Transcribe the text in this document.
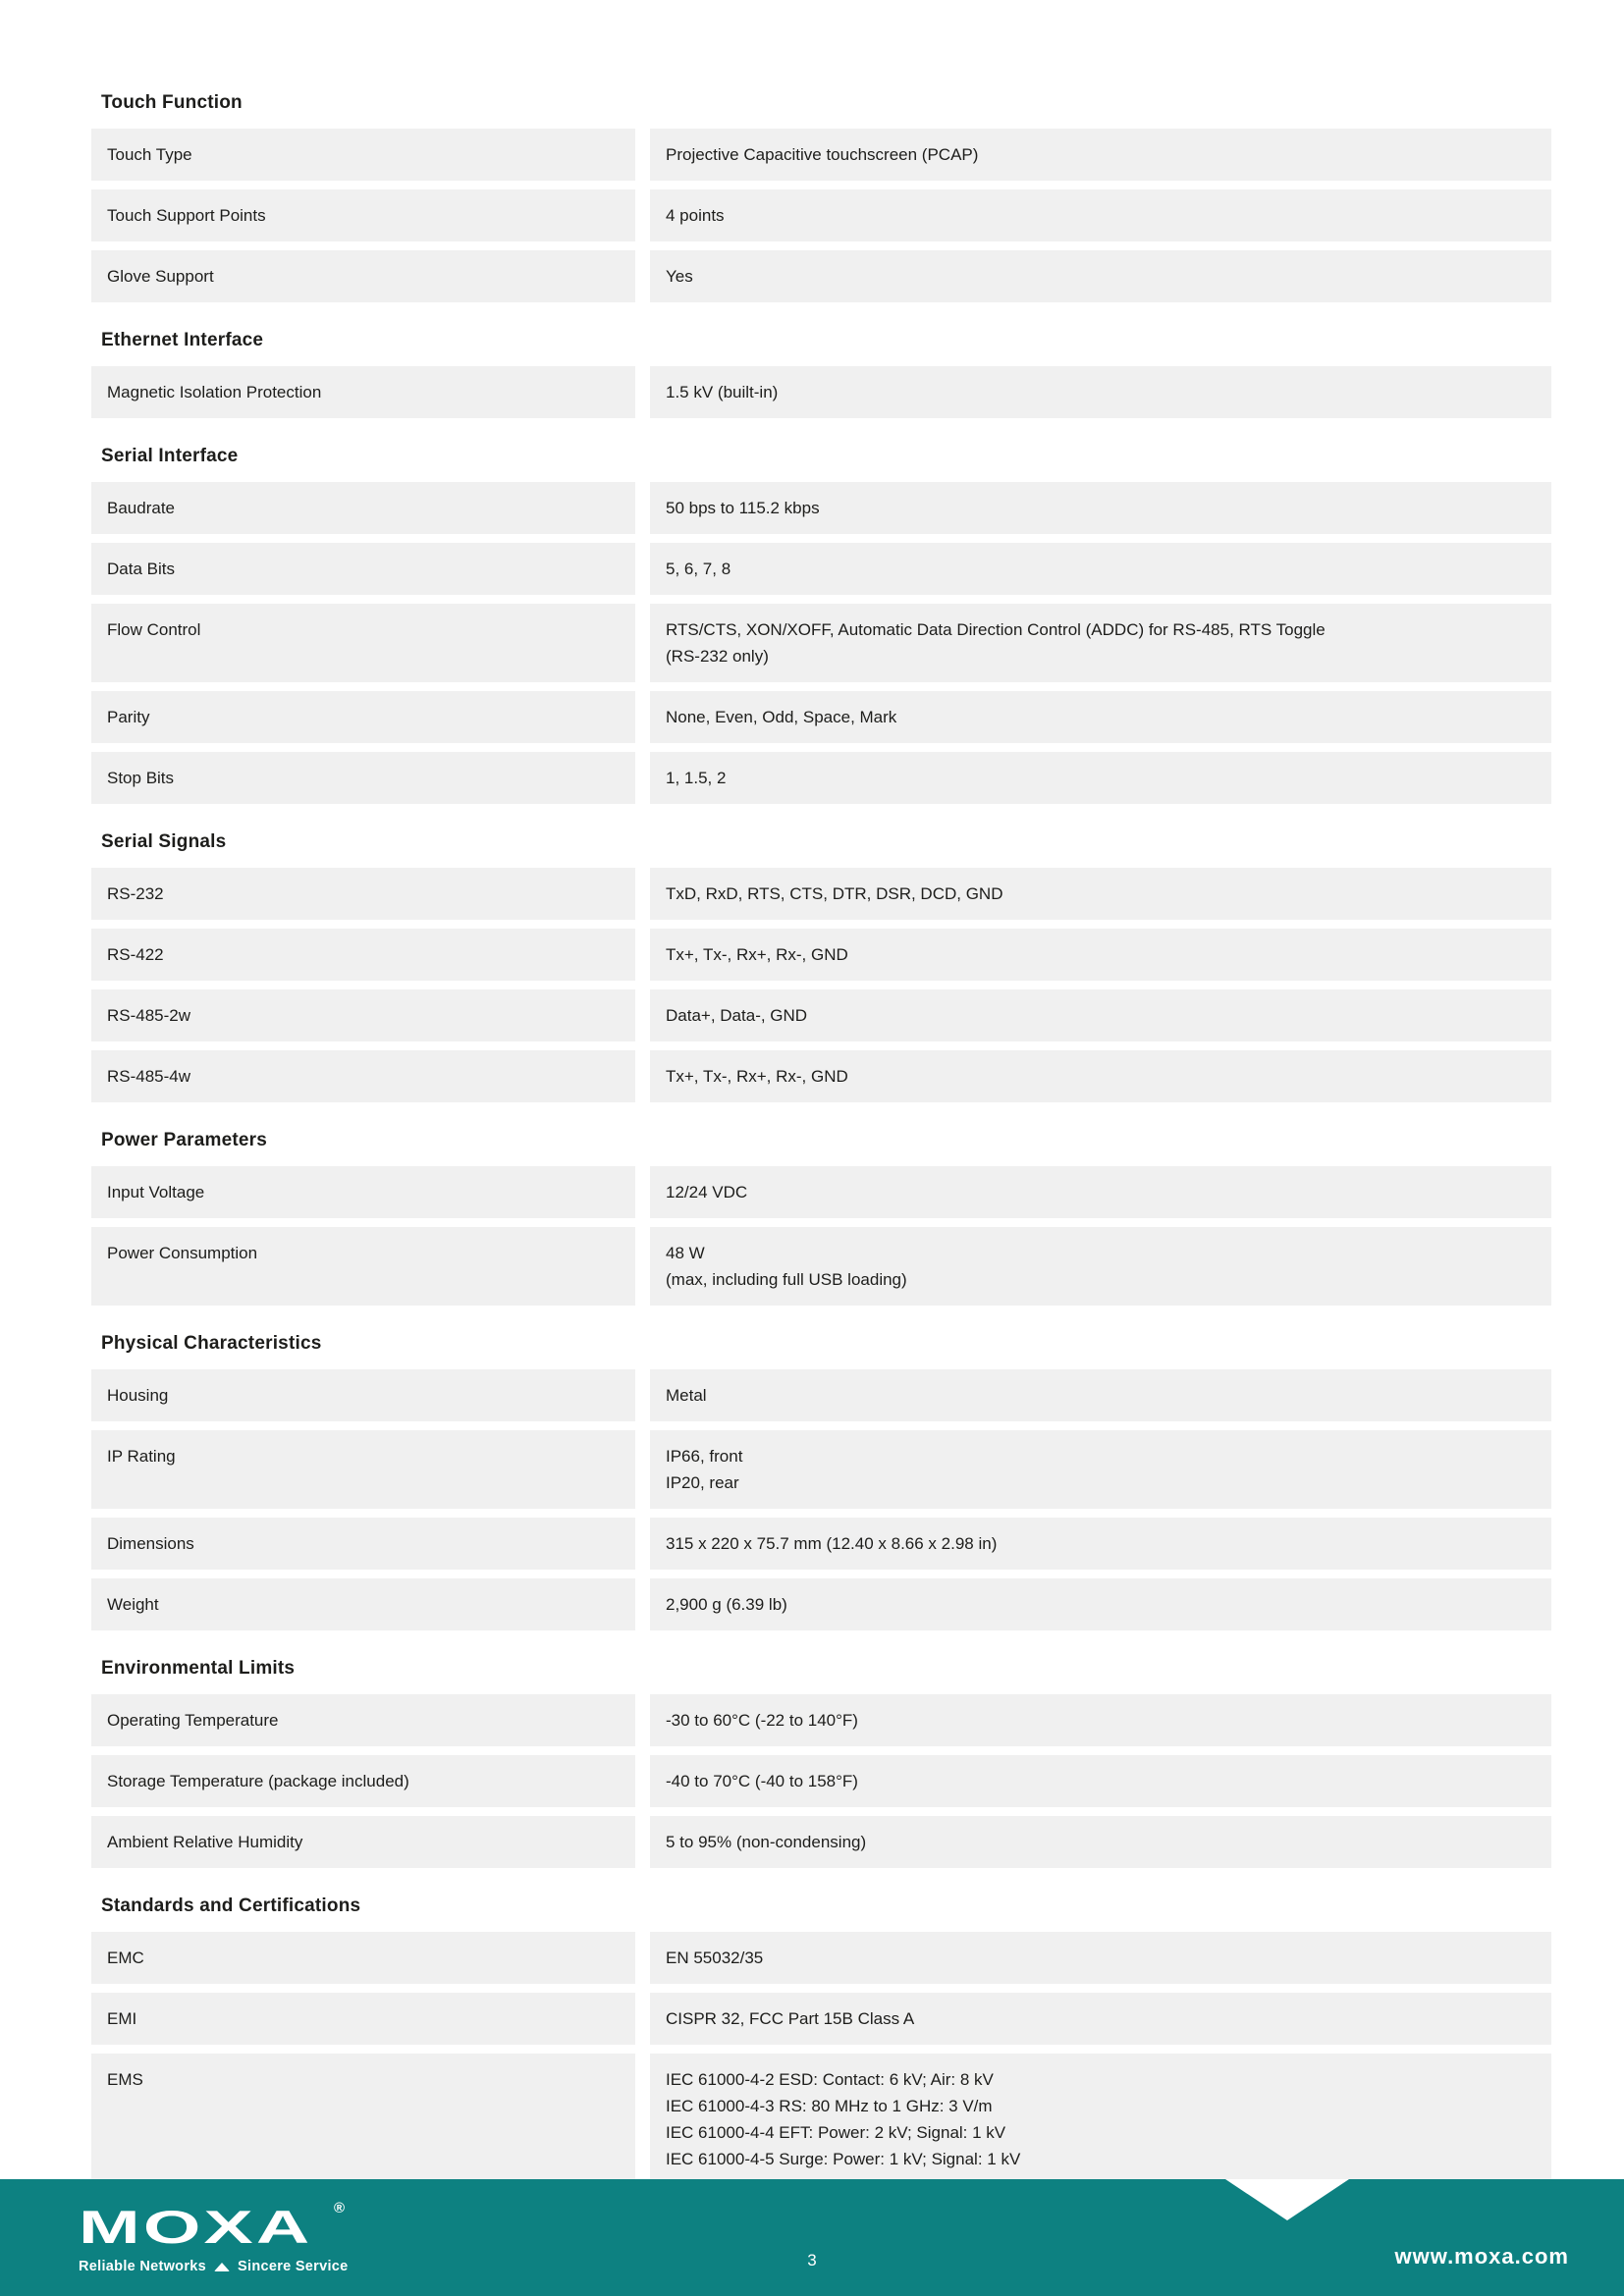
Touch Function
Touch Type	Projective Capacitive touchscreen (PCAP)
Touch Support Points	4 points
Glove Support	Yes
Ethernet Interface
Magnetic Isolation Protection	1.5 kV (built-in)
Serial Interface
Baudrate	50 bps to 115.2 kbps
Data Bits	5, 6, 7, 8
Flow Control	RTS/CTS, XON/XOFF, Automatic Data Direction Control (ADDC) for RS-485, RTS Toggle
(RS-232 only)
Parity	None, Even, Odd, Space, Mark
Stop Bits	1, 1.5, 2
Serial Signals
RS-232	TxD, RxD, RTS, CTS, DTR, DSR, DCD, GND
RS-422	Tx+, Tx-, Rx+, Rx-, GND
RS-485-2w	Data+, Data-, GND
RS-485-4w	Tx+, Tx-, Rx+, Rx-, GND
Power Parameters
Input Voltage	12/24 VDC
Power Consumption	48 W
(max, including full USB loading)
Physical Characteristics
Housing	Metal
IP Rating	IP66, front
IP20, rear
Dimensions	315 x 220 x 75.7 mm (12.40 x 8.66 x 2.98 in)
Weight	2,900 g (6.39 lb)
Environmental Limits
Operating Temperature	-30 to 60°C (-22 to 140°F)
Storage Temperature (package included)	-40 to 70°C (-40 to 158°F)
Ambient Relative Humidity	5 to 95% (non-condensing)
Standards and Certifications
EMC	EN 55032/35
EMI	CISPR 32, FCC Part 15B Class A
EMS	IEC 61000-4-2 ESD: Contact: 6 kV; Air: 8 kV
IEC 61000-4-3 RS: 80 MHz to 1 GHz: 3 V/m
IEC 61000-4-4 EFT: Power: 2 kV; Signal: 1 kV
IEC 61000-4-5 Surge: Power: 1 kV; Signal: 1 kV
MOXA ®
Reliable Networks Sincere Service	3	www.moxa.com
